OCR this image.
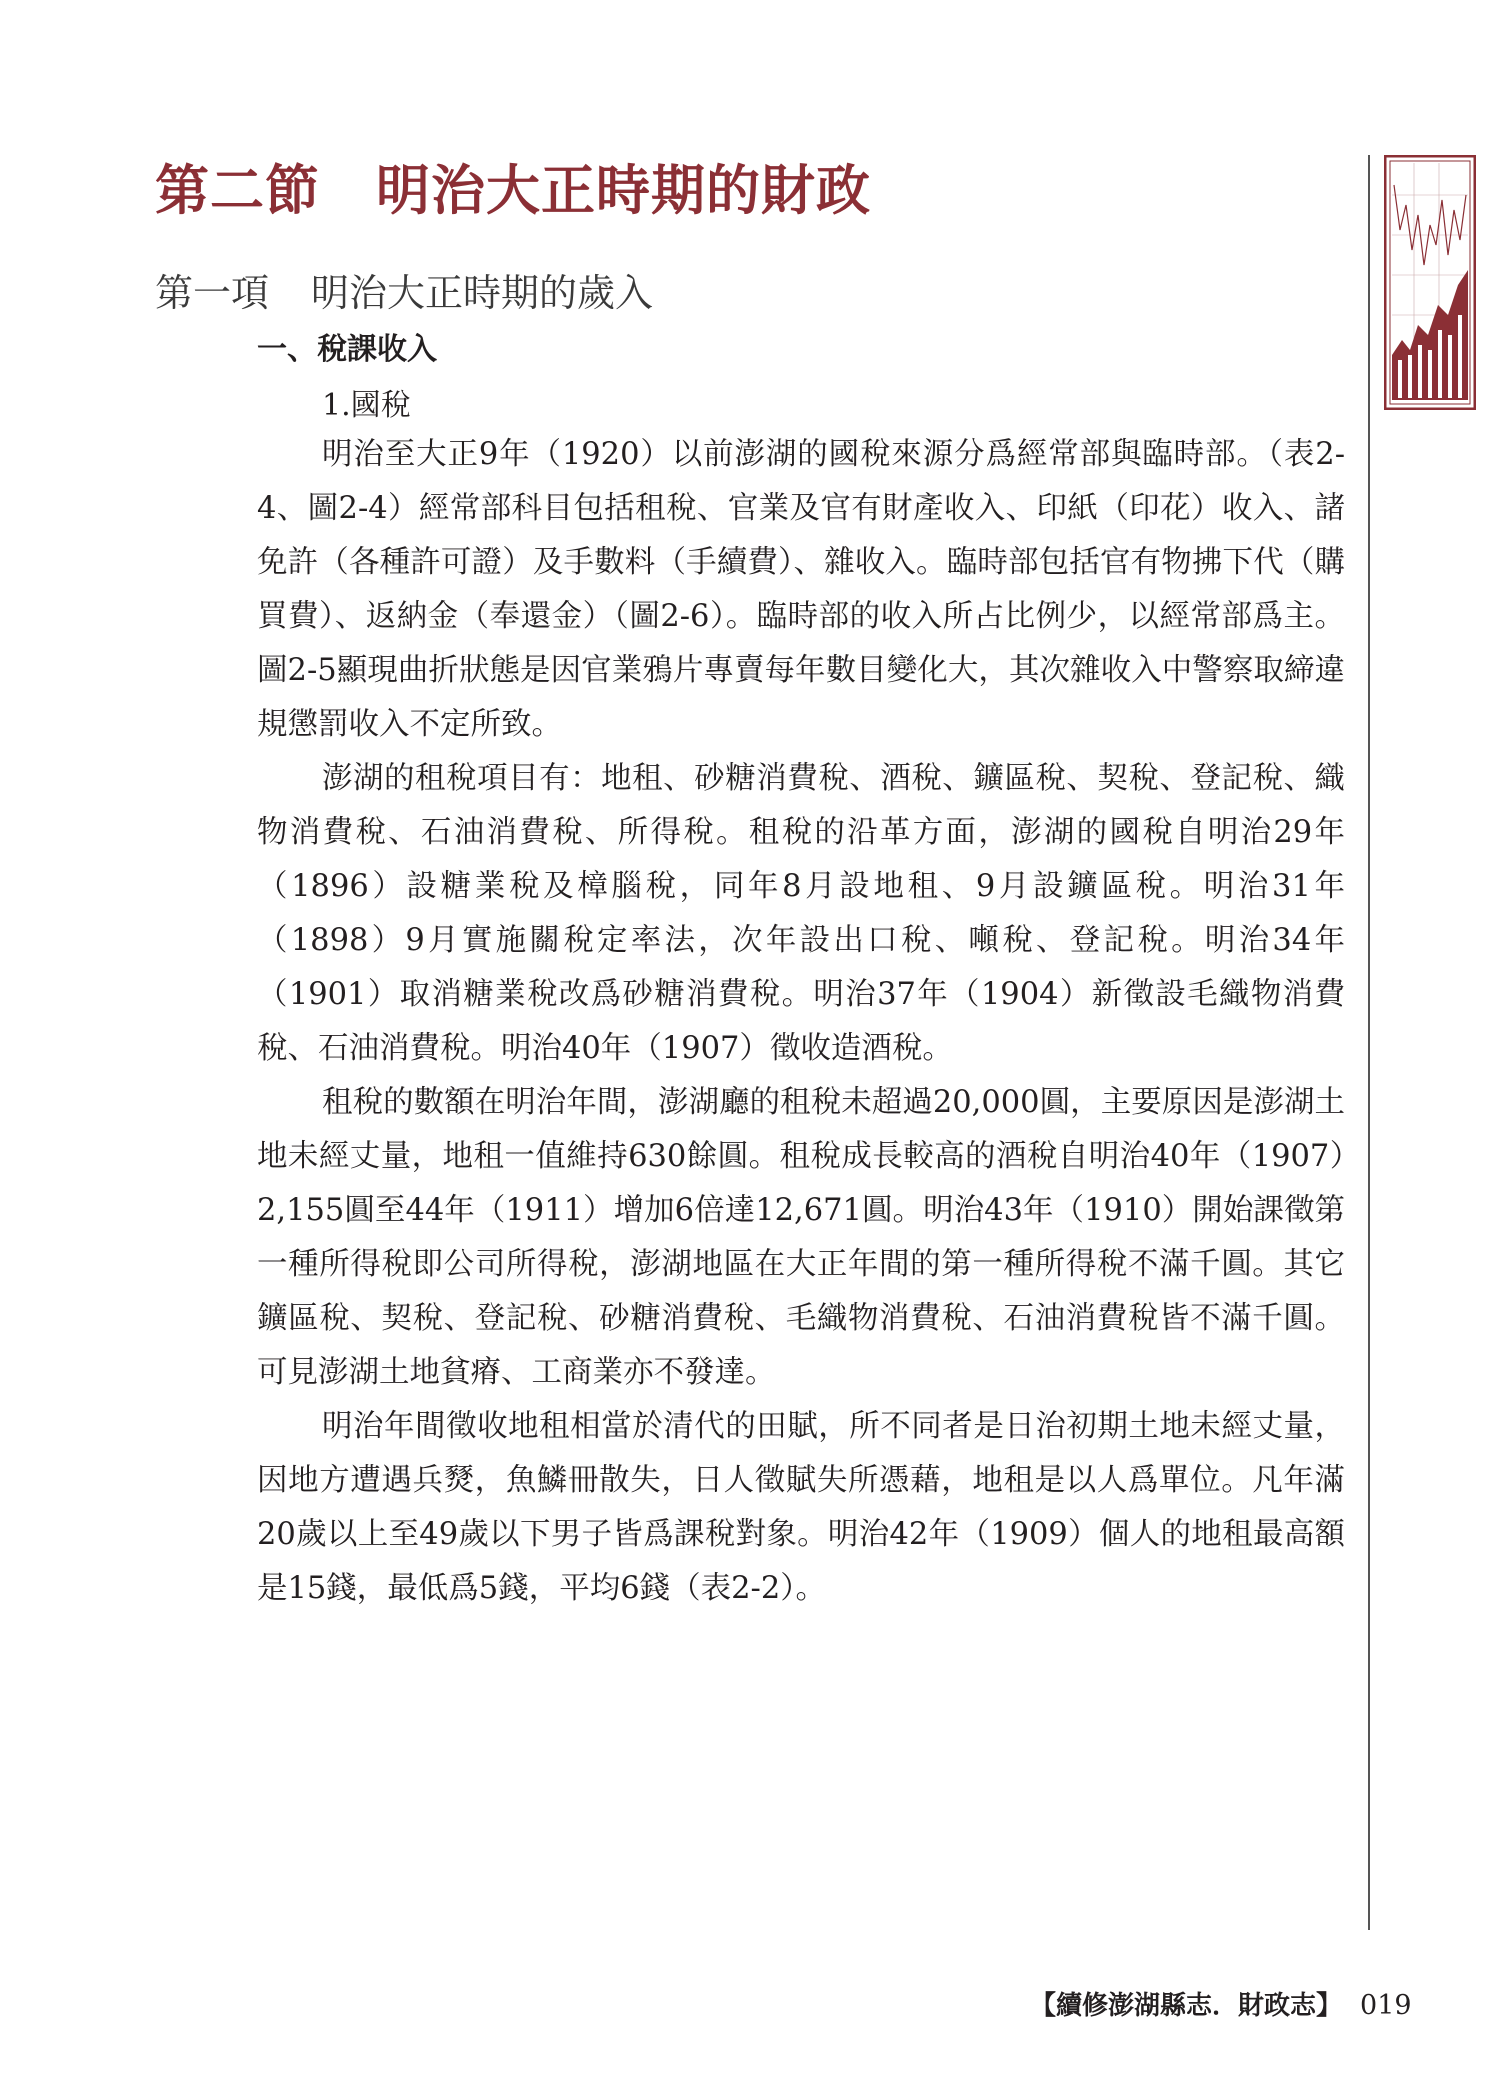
第二節 明治大正時期的財政
第一項 明治大正時期的歲入
一、稅課收入
1.國稅

明治至大正9年（1920）以前澎湖的國稅來源分爲經常部與臨時部。（表2-4、圖2-4）經常部科目包括租稅、官業及官有財產收入、印紙（印花）收入、諸免許（各種許可證）及手數料（手續費）、雜收入。臨時部包括官有物拂下代（購買費）、返納金（奉還金）（圖2-6）。臨時部的收入所占比例少，以經常部爲主。圖2-5顯現曲折狀態是因官業鴉片專賣每年數目變化大，其次雜收入中警察取締違規懲罰收入不定所致。

澎湖的租稅項目有：地租、砂糖消費稅、酒稅、鑛區稅、契稅、登記稅、織物消費稅、石油消費稅、所得稅。租稅的沿革方面，澎湖的國稅自明治29年（1896）設糖業稅及樟腦稅，同年8月設地租、9月設鑛區稅。明治31年（1898）9月實施關稅定率法，次年設出口稅、噸稅、登記稅。明治34年（1901）取消糖業稅改爲砂糖消費稅。明治37年（1904）新徵設毛織物消費稅、石油消費稅。明治40年（1907）徵收造酒稅。

租稅的數額在明治年間，澎湖廳的租稅未超過20,000圓，主要原因是澎湖土地未經丈量，地租一值維持630餘圓。租稅成長較高的酒稅自明治40年（1907）2,155圓至44年（1911）增加6倍達12,671圓。明治43年（1910）開始課徵第一種所得稅即公司所得稅，澎湖地區在大正年間的第一種所得稅不滿千圓。其它鑛區稅、契稅、登記稅、砂糖消費稅、毛織物消費稅、石油消費稅皆不滿千圓。可見澎湖土地貧瘠、工商業亦不發達。

明治年間徵收地租相當於清代的田賦，所不同者是日治初期土地未經丈量，因地方遭遇兵燹，魚鱗冊散失，日人徵賦失所憑藉，地租是以人爲單位。凡年滿20歲以上至49歲以下男子皆爲課稅對象。明治42年（1909）個人的地租最高額是15錢，最低爲5錢，平均6錢（表2-2）。

【續修澎湖縣志．財政志】 019
